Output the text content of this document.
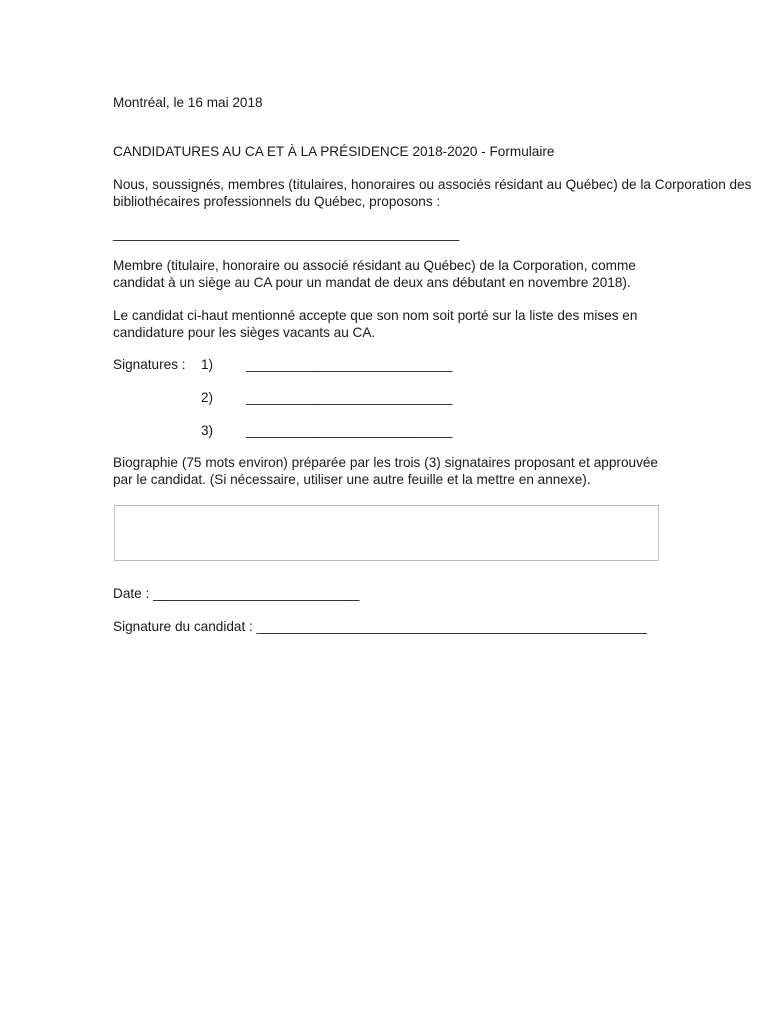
Montréal, le 16 mai 2018
CANDIDATURES AU CA ET À LA PRÉSIDENCE 2018-2020 - Formulaire
Nous, soussignés, membres (titulaires, honoraires ou associés résidant au Québec) de la Corporation des bibliothécaires professionnels du Québec, proposons :
_______________________________________________
Membre (titulaire, honoraire ou associé résidant au Québec) de la Corporation, comme candidat à un siège au CA pour un mandat de deux ans débutant en novembre 2018).
Le candidat ci-haut mentionné accepte que son nom soit porté sur la liste des mises en candidature pour les sièges vacants au CA.
Signatures : 1) ____________________________
2) ____________________________
3) ____________________________
Biographie (75 mots environ) préparée par les trois (3) signataires proposant et approuvée par le candidat. (Si nécessaire, utiliser une autre feuille et la mettre en annexe).
Date : ____________________________
Signature du candidat : _____________________________________________________
